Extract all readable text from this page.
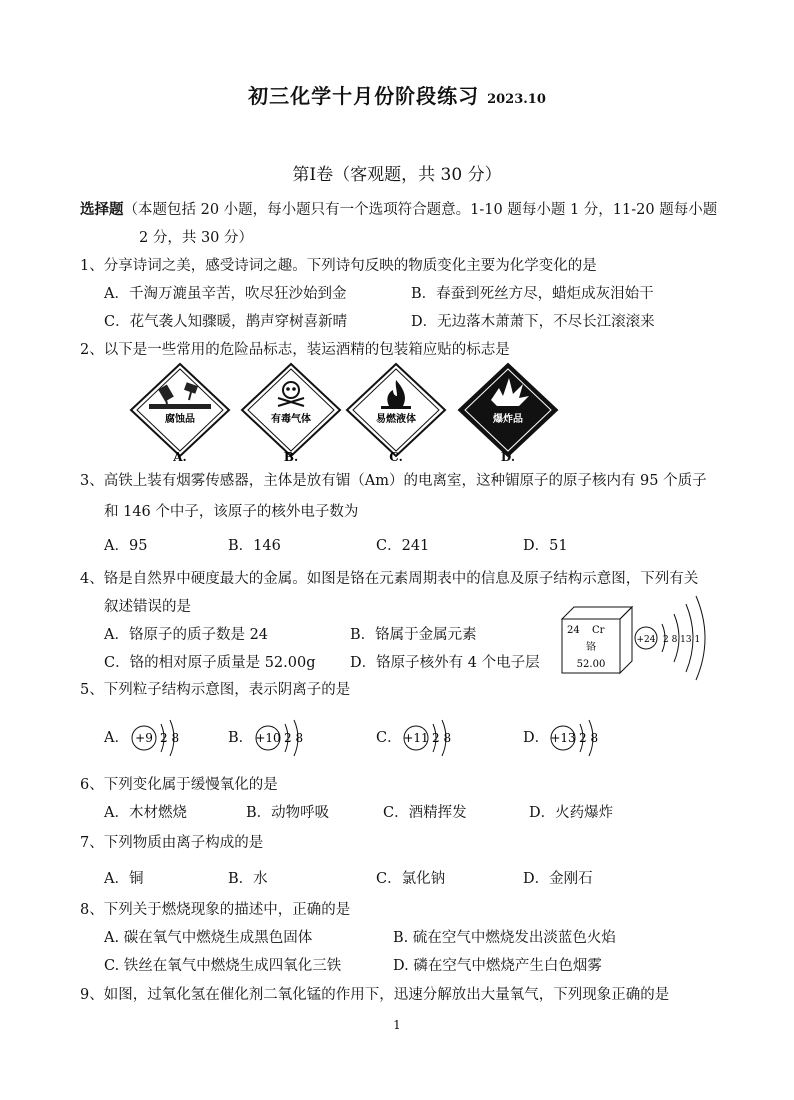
初三化学十月份阶段练习 2023.10
第Ⅰ卷（客观题，共 30 分）
选择题（本题包括 20 小题，每小题只有一个选项符合题意。1-10 题每小题 1 分，11-20 题每小题
2 分，共 30 分）
1、分享诗词之美，感受诗词之趣。下列诗句反映的物质变化主要为化学变化的是
A．千淘万漉虽辛苦，吹尽狂沙始到金	B．春蚕到死丝方尽，蜡炬成灰泪始干
C．花气袭人知骤暖，鹊声穿树喜新晴	D．无边落木萧萧下，不尽长江滚滚来
2、以下是一些常用的危险品标志，装运酒精的包装箱应贴的标志是
腐蚀品
A.
有毒气体
B.
易燃液体
C.
爆炸品
D.
3、高铁上装有烟雾传感器，主体是放有镅（Am）的电离室，这种镅原子的原子核内有 95 个质子
和 146 个中子，该原子的核外电子数为
A．95	B．146	C．241	D．51
4、铬是自然界中硬度最大的金属。如图是铬在元素周期表中的信息及原子结构示意图，下列有关
叙述错误的是
A．铬原子的质子数是 24	B．铬属于金属元素
C．铬的相对原子质量是 52.00g D．铬原子核外有 4 个电子层
24 Cr
铬
52.00
+24 2 8 13 1
5、下列粒子结构示意图，表示阴离子的是
A． +9 2 8	B． +10 2 8	C． +11 2 8	D． +13 2 8
6、下列变化属于缓慢氧化的是
A．木材燃烧	B．动物呼吸	C．酒精挥发	D．火药爆炸
7、下列物质由离子构成的是
A．铜	B．水	C．氯化钠	D．金刚石
8、下列关于燃烧现象的描述中，正确的是
A. 碳在氧气中燃烧生成黑色固体	B. 硫在空气中燃烧发出淡蓝色火焰
C. 铁丝在氧气中燃烧生成四氧化三铁	D. 磷在空气中燃烧产生白色烟雾
9、如图，过氧化氢在催化剂二氧化锰的作用下，迅速分解放出大量氧气，下列现象正确的是
1
